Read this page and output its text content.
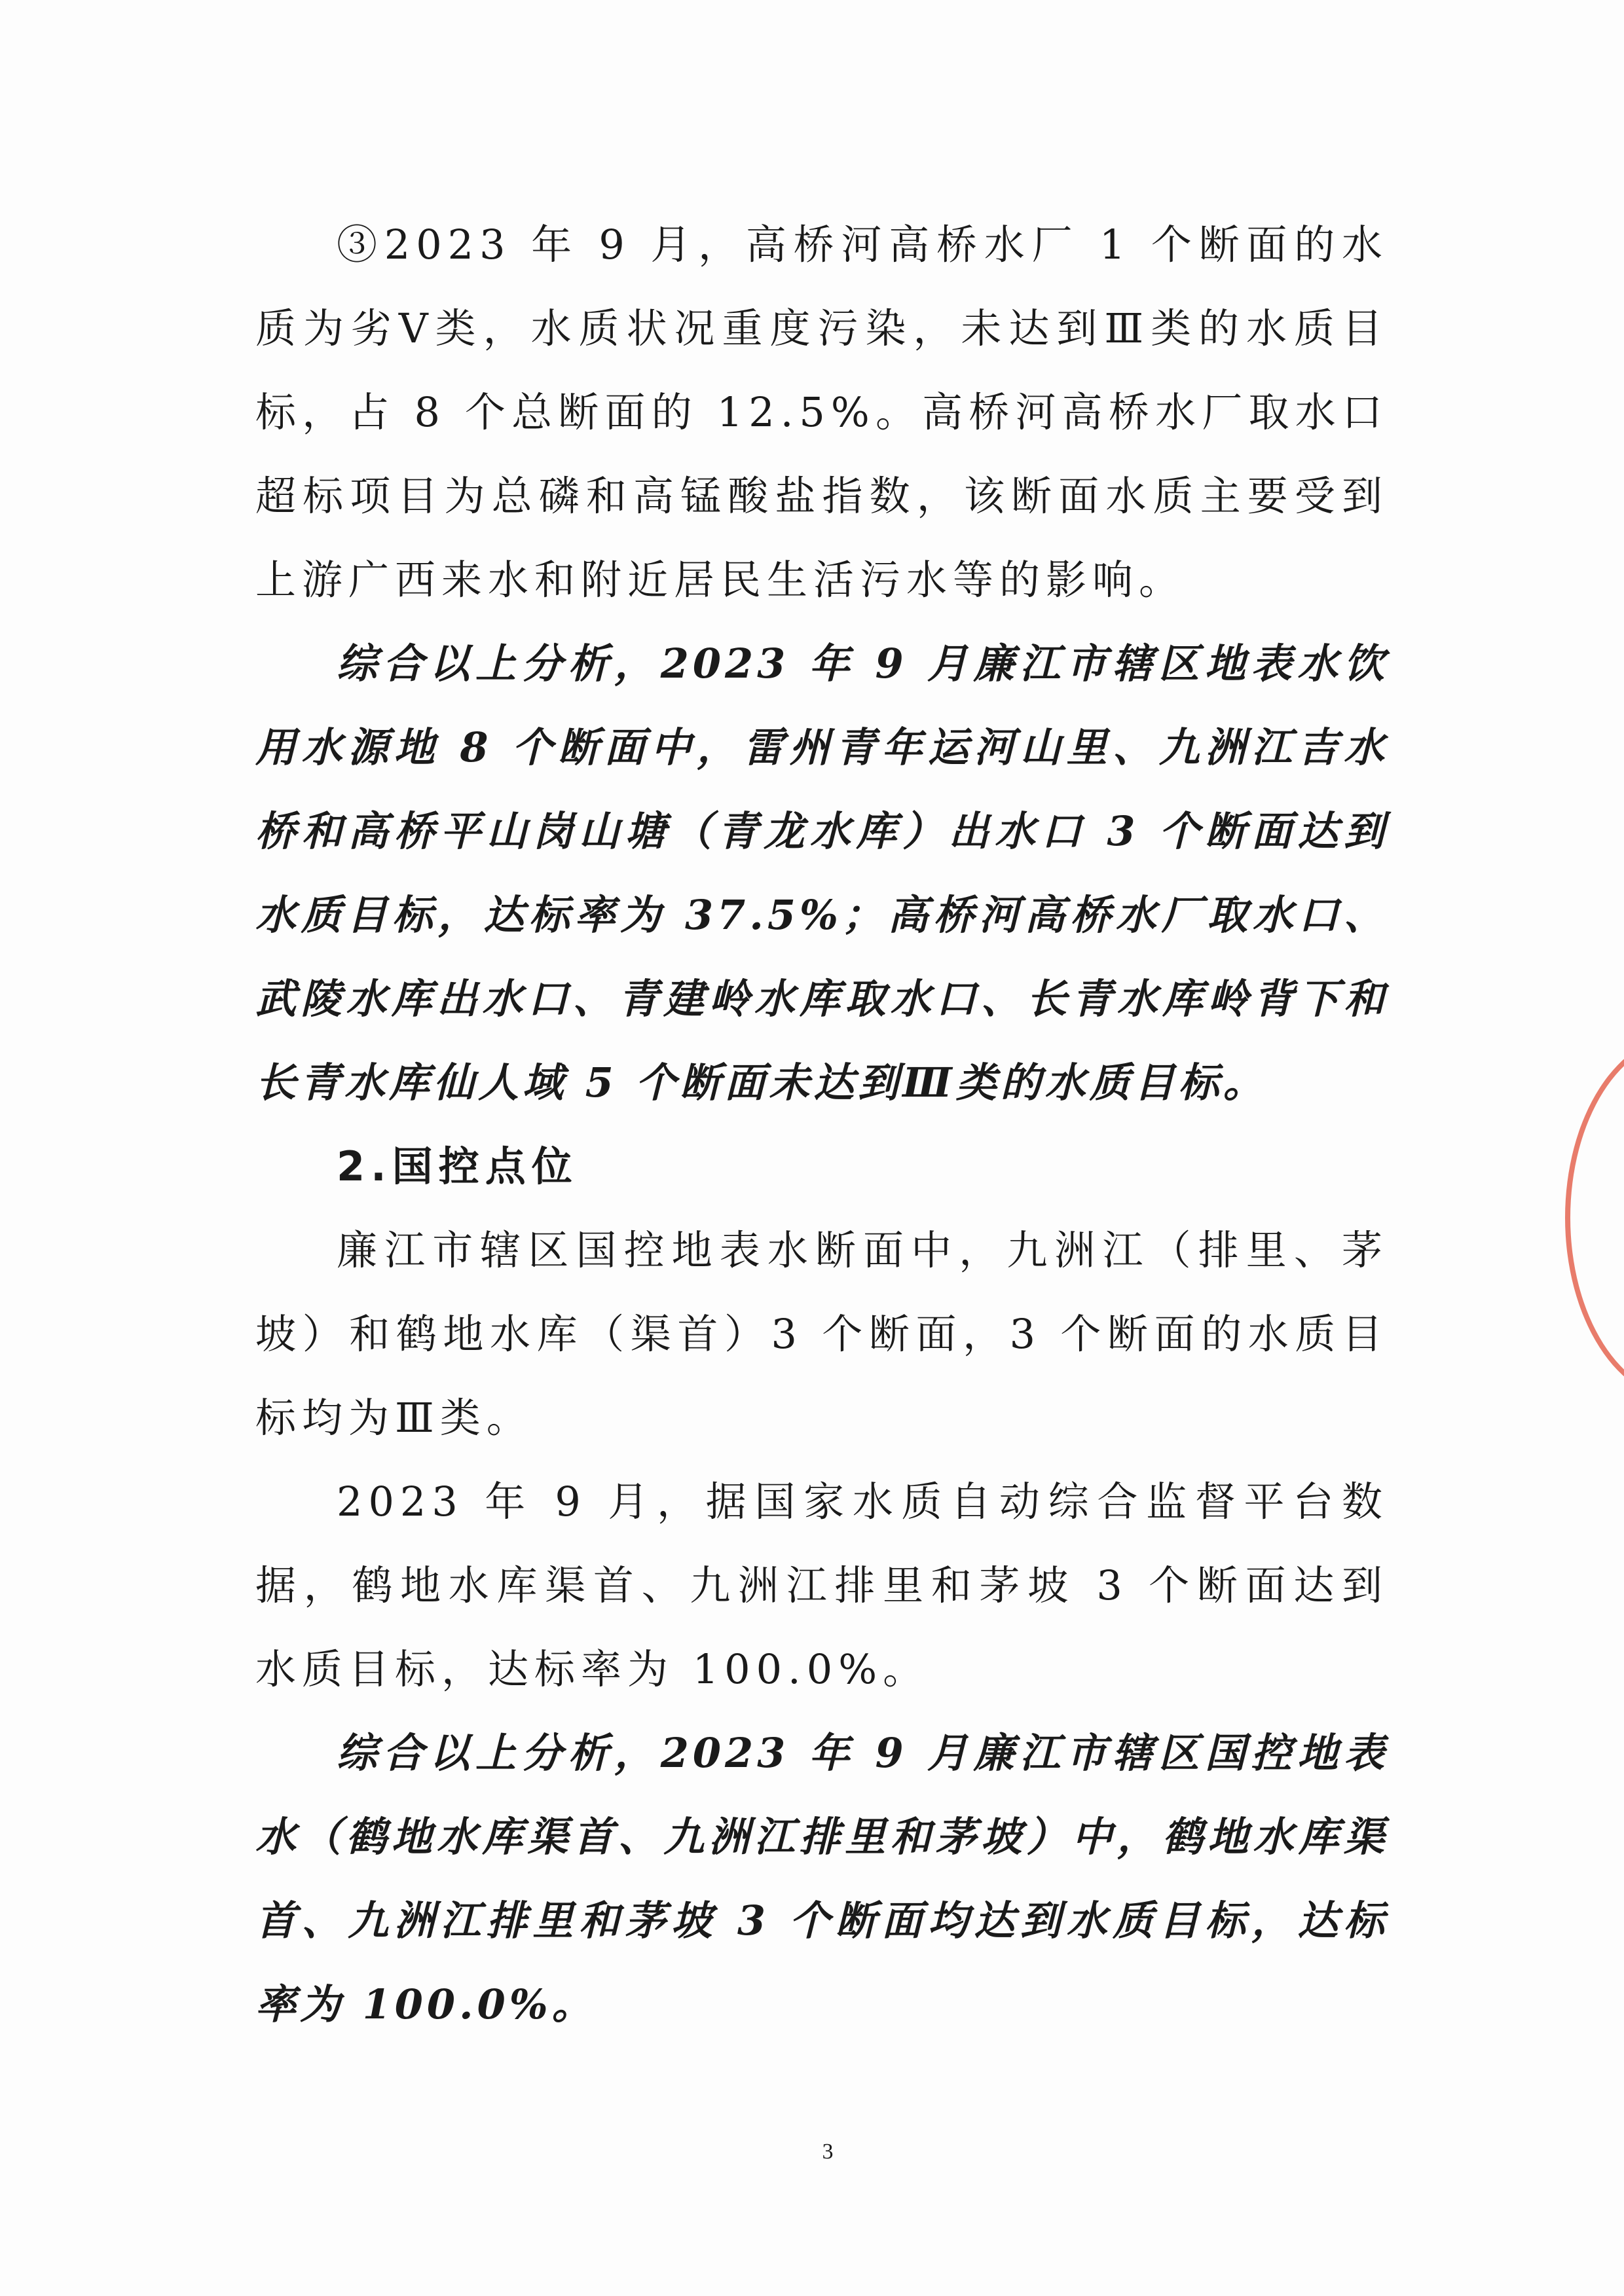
③2023 年 9 月，高桥河高桥水厂 1 个断面的水质为劣Ⅴ类，水质状况重度污染，未达到Ⅲ类的水质目标，占 8 个总断面的 12.5%。高桥河高桥水厂取水口超标项目为总磷和高锰酸盐指数，该断面水质主要受到上游广西来水和附近居民生活污水等的影响。

综合以上分析，2023 年 9 月廉江市辖区地表水饮用水源地 8 个断面中，雷州青年运河山里、九洲江吉水桥和高桥平山岗山塘（青龙水库）出水口 3 个断面达到水质目标，达标率为 37.5%；高桥河高桥水厂取水口、武陵水库出水口、青建岭水库取水口、长青水库岭背下和长青水库仙人域 5 个断面未达到Ⅲ类的水质目标。

2.国控点位

廉江市辖区国控地表水断面中，九洲江（排里、茅坡）和鹤地水库（渠首）3 个断面，3 个断面的水质目标均为Ⅲ类。

2023 年 9 月，据国家水质自动综合监督平台数据，鹤地水库渠首、九洲江排里和茅坡 3 个断面达到水质目标，达标率为 100.0%。

综合以上分析，2023 年 9 月廉江市辖区国控地表水（鹤地水库渠首、九洲江排里和茅坡）中，鹤地水库渠首、九洲江排里和茅坡 3 个断面均达到水质目标，达标率为 100.0%。

3
